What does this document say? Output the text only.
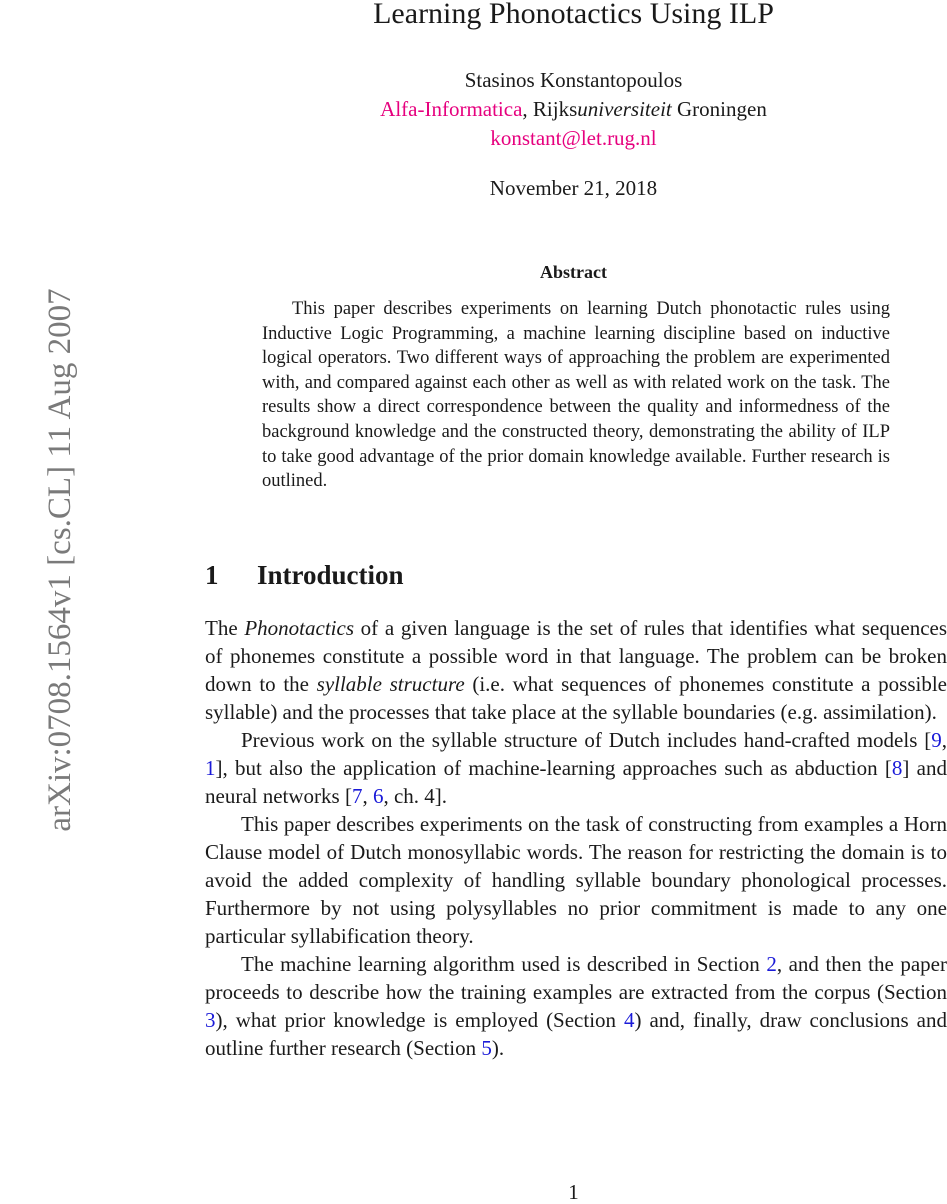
arXiv:0708.1564v1 [cs.CL] 11 Aug 2007
Learning Phonotactics Using ILP
Stasinos Konstantopoulos
Alfa-Informatica, Rijksuniversiteit Groningen
konstant@let.rug.nl
November 21, 2018
Abstract

This paper describes experiments on learning Dutch phonotactic rules using Inductive Logic Programming, a machine learning discipline based on inductive logical operators. Two different ways of approaching the problem are experimented with, and compared against each other as well as with related work on the task. The results show a direct correspondence between the quality and informedness of the background knowledge and the constructed theory, demonstrating the ability of ILP to take good advantage of the prior domain knowledge available. Further research is outlined.

1 Introduction

The Phonotactics of a given language is the set of rules that identifies what sequences of phonemes constitute a possible word in that language. The problem can be broken down to the syllable structure (i.e. what sequences of phonemes constitute a possible syllable) and the processes that take place at the syllable boundaries (e.g. assimilation).

Previous work on the syllable structure of Dutch includes hand-crafted models [9, 1], but also the application of machine-learning approaches such as abduction [8] and neural networks [7, 6, ch. 4].

This paper describes experiments on the task of constructing from examples a Horn Clause model of Dutch monosyllabic words. The reason for restricting the domain is to avoid the added complexity of handling syllable boundary phonological processes. Furthermore by not using polysyllables no prior commitment is made to any one particular syllabification theory.

The machine learning algorithm used is described in Section 2, and then the paper proceeds to describe how the training examples are extracted from the corpus (Section 3), what prior knowledge is employed (Section 4) and, finally, draw conclusions and outline further research (Section 5).

1
